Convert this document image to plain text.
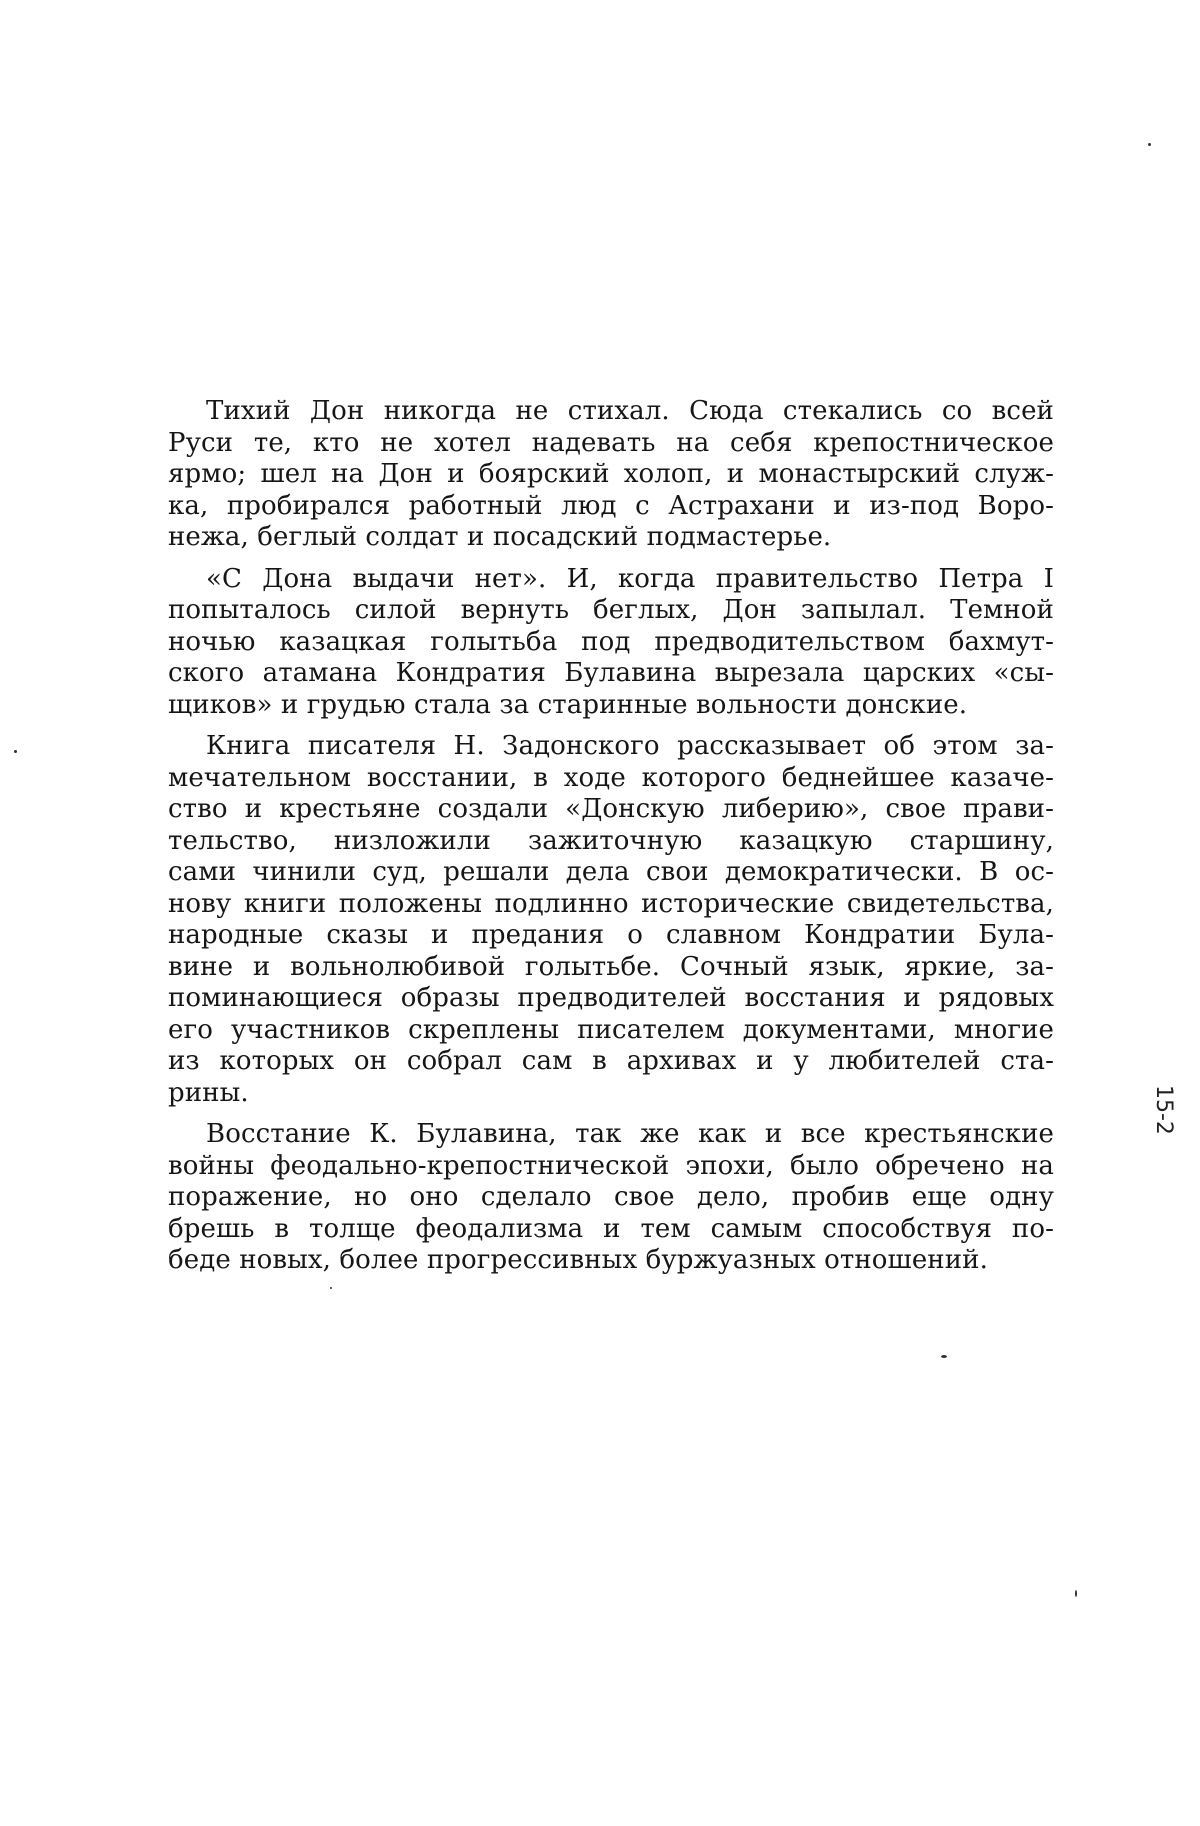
Тихий Дон никогда не стихал. Сюда стекались со всей
Руси те, кто не хотел надевать на себя крепостническое
ярмо; шел на Дон и боярский холоп, и монастырский служ-
ка, пробирался работный люд с Астрахани и из-под Воро-
нежа, беглый солдат и посадский подмастерье.
«С Дона выдачи нет». И, когда правительство Петра I
попыталось силой вернуть беглых, Дон запылал. Темной
ночью казацкая голытьба под предводительством бахмут-
ского атамана Кондратия Булавина вырезала царских «сы-
щиков» и грудью стала за старинные вольности донские.
Книга писателя Н. Задонского рассказывает об этом за-
мечательном восстании, в ходе которого беднейшее казаче-
ство и крестьяне создали «Донскую либерию», свое прави-
тельство, низложили зажиточную казацкую старшину,
сами чинили суд, решали дела свои демократически. В ос-
нову книги положены подлинно исторические свидетельства,
народные сказы и предания о славном Кондратии Була-
вине и вольнолюбивой голытьбе. Сочный язык, яркие, за-
поминающиеся образы предводителей восстания и рядовых
его участников скреплены писателем документами, многие
из которых он собрал сам в архивах и у любителей ста-
рины.
Восстание К. Булавина, так же как и все крестьянские
войны феодально-крепостнической эпохи, было обречено на
поражение, но оно сделало свое дело, пробив еще одну
брешь в толще феодализма и тем самым способствуя по-
беде новых, более прогрессивных буржуазных отношений.
15-2
